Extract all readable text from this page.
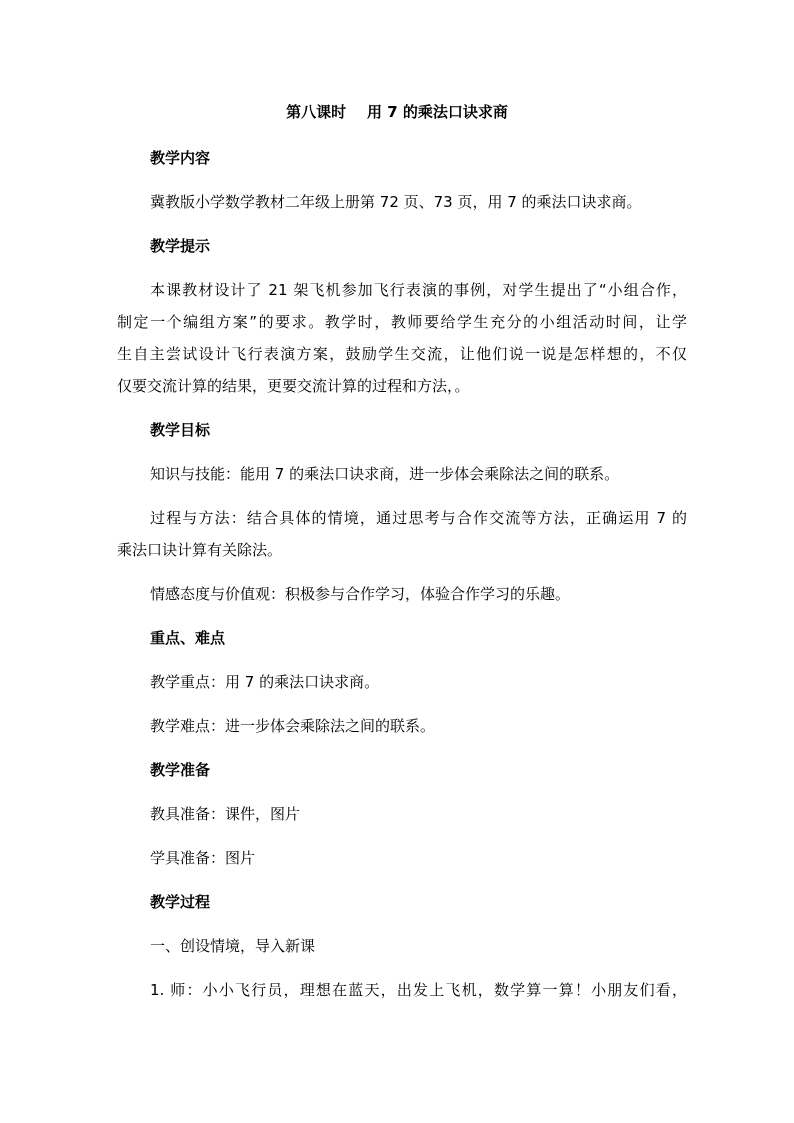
第八课时    用 7 的乘法口诀求商
教学内容
冀教版小学数学教材二年级上册第 72 页、73 页，用 7 的乘法口诀求商。
教学提示
本课教材设计了 21 架飞机参加飞行表演的事例，对学生提出了“小组合作，
制定一个编组方案”的要求。教学时，教师要给学生充分的小组活动时间，让学
生自主尝试设计飞行表演方案，鼓励学生交流，让他们说一说是怎样想的，不仅
仅要交流计算的结果，更要交流计算的过程和方法，。
教学目标
知识与技能：能用 7 的乘法口诀求商，进一步体会乘除法之间的联系。
过程与方法：结合具体的情境，通过思考与合作交流等方法，正确运用 7 的
乘法口诀计算有关除法。
情感态度与价值观：积极参与合作学习，体验合作学习的乐趣。
重点、难点
教学重点：用 7 的乘法口诀求商。
教学难点：进一步体会乘除法之间的联系。
教学准备
教具准备：课件，图片
学具准备：图片
教学过程
一、创设情境，导入新课
1. 师：小小飞行员，理想在蓝天，出发上飞机，数学算一算！小朋友们看，
